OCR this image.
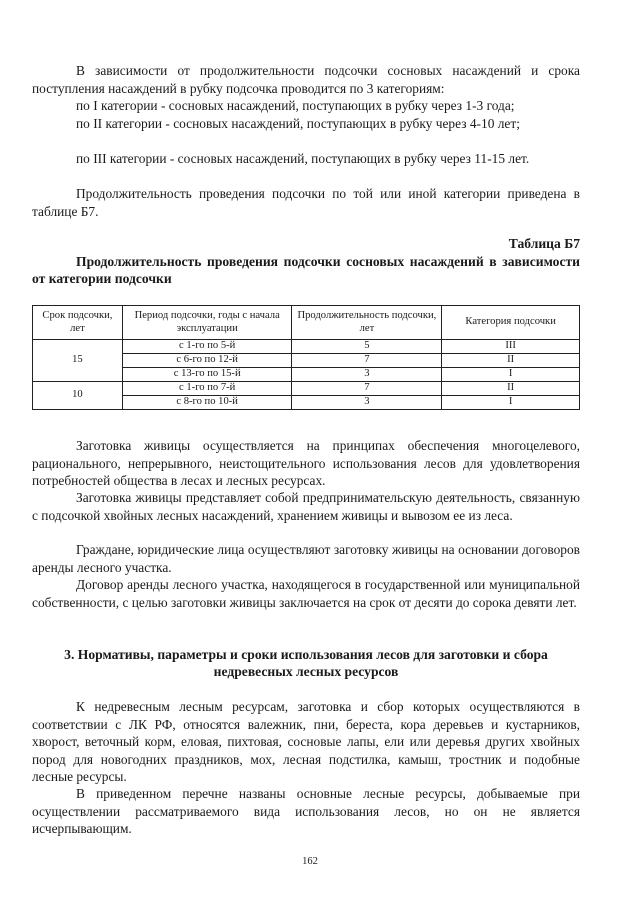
В зависимости от продолжительности подсочки сосновых насаждений и срока поступления насаждений в рубку подсочка проводится по 3 категориям:

по I категории - сосновых насаждений, поступающих в рубку через 1-3 года;

по II категории - сосновых насаждений, поступающих в рубку через 4-10 лет;

по III категории - сосновых насаждений, поступающих в рубку через 11-15 лет.

Продолжительность проведения подсочки по той или иной категории приведена в таблице Б7.

Таблица Б7

Продолжительность проведения подсочки сосновых насаждений в зависимости от категории подсочки

Срок подсочки, лет	Период подсочки, годы с начала эксплуатации	Продолжительность подсочки, лет	Категория подсочки
15	с 1-го по 5-й	5	III
	с 6-го по 12-й	7	II
	с 13-го по 15-й	3	I
10	с 1-го по 7-й	7	II
	с 8-го по 10-й	3	I

Заготовка живицы осуществляется на принципах обеспечения многоцелевого, рационального, непрерывного, неистощительного использования лесов для удовлетворения потребностей общества в лесах и лесных ресурсах.

Заготовка живицы представляет собой предпринимательскую деятельность, связанную с подсочкой хвойных лесных насаждений, хранением живицы и вывозом ее из леса.

Граждане, юридические лица осуществляют заготовку живицы на основании договоров аренды лесного участка.

Договор аренды лесного участка, находящегося в государственной или муниципальной собственности, с целью заготовки живицы заключается на срок от десяти до сорока девяти лет.

3. Нормативы, параметры и сроки использования лесов для заготовки и сбора недревесных лесных ресурсов

К недревесным лесным ресурсам, заготовка и сбор которых осуществляются в соответствии с ЛК РФ, относятся валежник, пни, береста, кора деревьев и кустарников, хворост, веточный корм, еловая, пихтовая, сосновые лапы, ели или деревья других хвойных пород для новогодних праздников, мох, лесная подстилка, камыш, тростник и подобные лесные ресурсы.

В приведенном перечне названы основные лесные ресурсы, добываемые при осуществлении рассматриваемого вида использования лесов, но он не является исчерпывающим.

162
